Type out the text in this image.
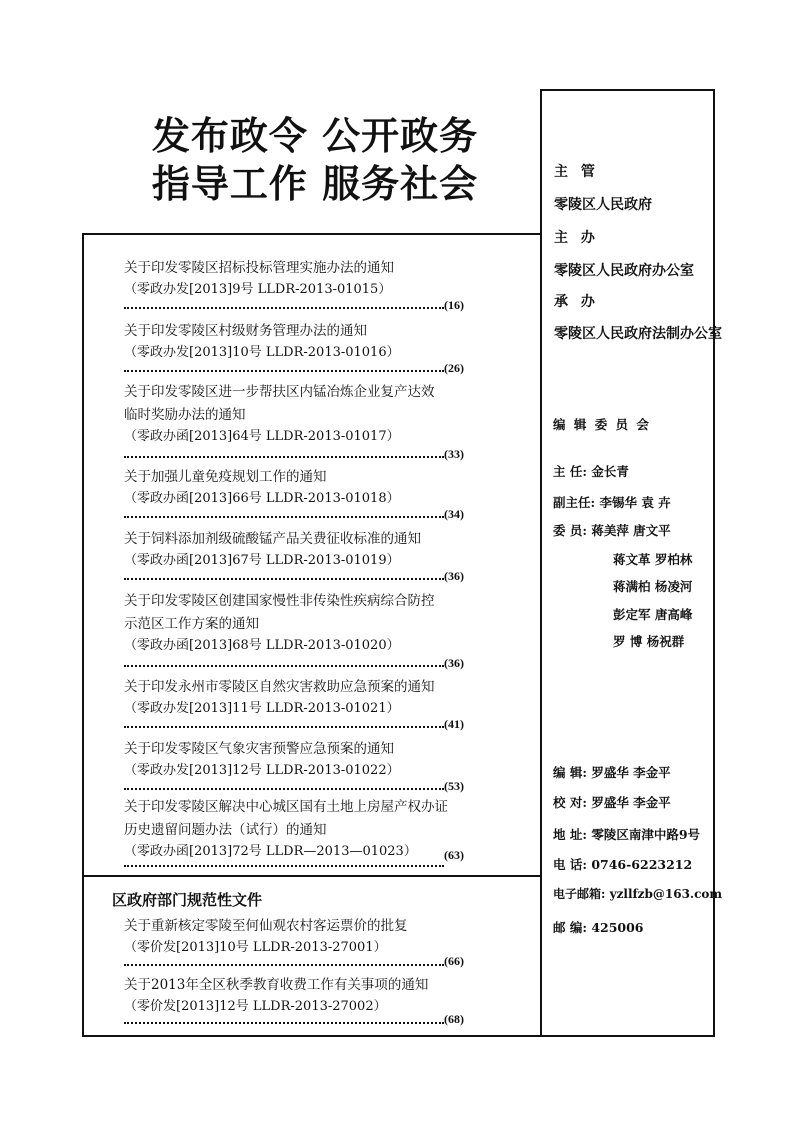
发布政令 公开政务
指导工作 服务社会	主 管
零陵区人民政府
主 办
零陵区人民政府办公室
承 办
零陵区人民政府法制办公室
编 辑 委 员 会
主 任: 金长青
副主任: 李锡华 袁 卉
委 员: 蒋美萍 唐文平
蒋文革 罗柏林
蒋满柏 杨凌河
彭定军 唐高峰
罗 博 杨祝群
编 辑: 罗盛华 李金平
校 对: 罗盛华 李金平
地 址: 零陵区南津中路9号
电 话: 0746-6223212
电子邮箱: yzllfzb@163.com
邮 编: 425006
关于印发零陵区招标投标管理实施办法的通知
（零政办发[2013]9号 LLDR-2013-01015）
(16)
关于印发零陵区村级财务管理办法的通知
（零政办发[2013]10号 LLDR-2013-01016）
(26)
关于印发零陵区进一步帮扶区内锰冶炼企业复产达效
临时奖励办法的通知
（零政办函[2013]64号 LLDR-2013-01017）
(33)
关于加强儿童免疫规划工作的通知
（零政办函[2013]66号 LLDR-2013-01018）
(34)
关于饲料添加剂级硫酸锰产品关费征收标准的通知
（零政办函[2013]67号 LLDR-2013-01019）
(36)
关于印发零陵区创建国家慢性非传染性疾病综合防控
示范区工作方案的通知
（零政办函[2013]68号 LLDR-2013-01020）
(36)
关于印发永州市零陵区自然灾害救助应急预案的通知
（零政办发[2013]11号 LLDR-2013-01021）
(41)
关于印发零陵区气象灾害预警应急预案的通知
（零政办发[2013]12号 LLDR-2013-01022）
(53)
关于印发零陵区解决中心城区国有土地上房屋产权办证
历史遗留问题办法（试行）的通知
（零政办函[2013]72号 LLDR—2013—01023）	(63)
区政府部门规范性文件
关于重新核定零陵至何仙观农村客运票价的批复
（零价发[2013]10号 LLDR-2013-27001）
(66)
关于2013年全区秋季教育收费工作有关事项的通知
（零价发[2013]12号 LLDR-2013-27002）
(68)
